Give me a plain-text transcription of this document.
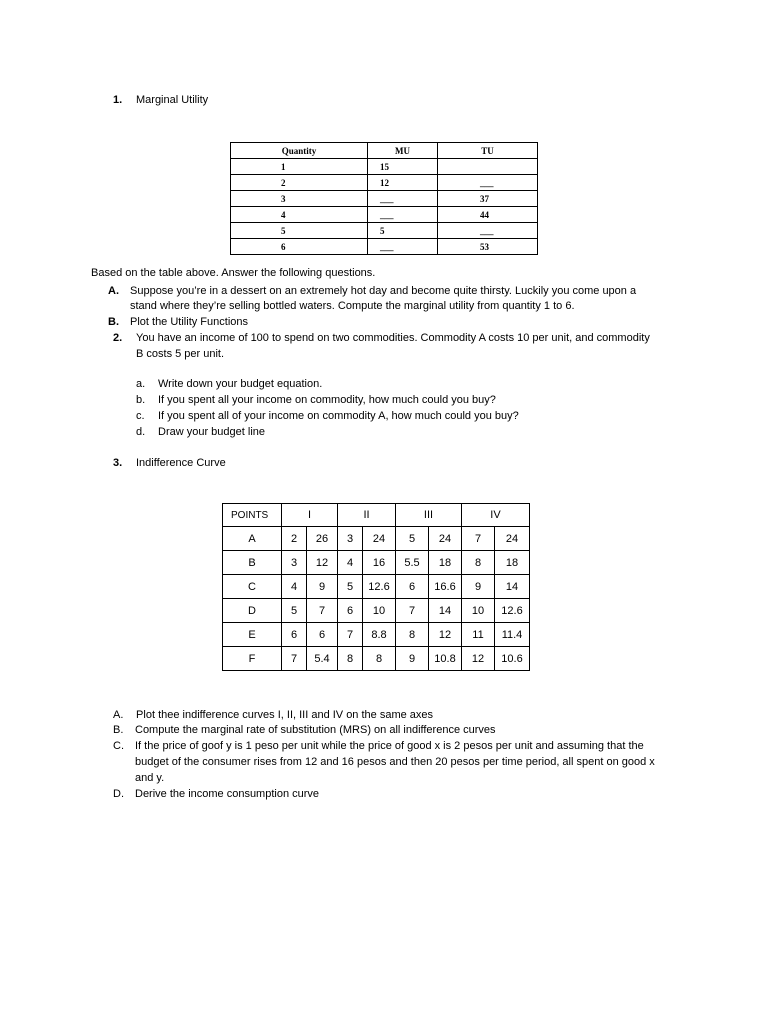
1. Marginal Utility
Quantity	MU	TU
1	15	
2	12	___
3	___	37
4	___	44
5	5	___
6	___	53
Based on the table above. Answer the following questions.
A. Suppose you’re in a dessert on an extremely hot day and become quite thirsty. Luckily you come upon a
stand where they’re selling bottled waters. Compute the marginal utility from quantity 1 to 6.
B. Plot the Utility Functions
2. You have an income of 100 to spend on two commodities. Commodity A costs 10 per unit, and commodity
B costs 5 per unit.
a. Write down your budget equation.
b. If you spent all your income on commodity, how much could you buy?
c. If you spent all of your income on commodity A, how much could you buy?
d. Draw your budget line
3. Indifference Curve
POINTS	I		II		III		IV	
A	2	26	3	24	5	24	7	24
B	3	12	4	16	5.5	18	8	18
C	4	9	5	12.6	6	16.6	9	14
D	5	7	6	10	7	14	10	12.6
E	6	6	7	8.8	8	12	11	11.4
F	7	5.4	8	8	9	10.8	12	10.6
A. Plot thee indifference curves I, II, III and IV on the same axes
B. Compute the marginal rate of substitution (MRS) on all indifference curves
C. If the price of goof y is 1 peso per unit while the price of good x is 2 pesos per unit and assuming that the
budget of the consumer rises from 12 and 16 pesos and then 20 pesos per time period, all spent on good x
and y.
D. Derive the income consumption curve
